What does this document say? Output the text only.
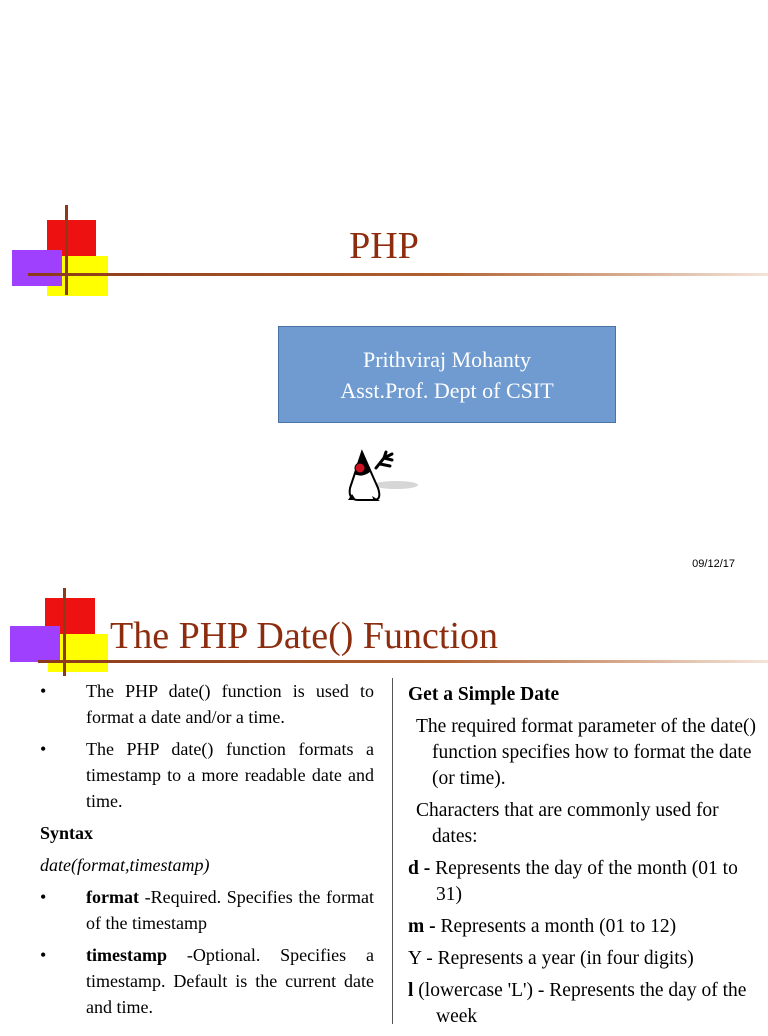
PHP
Prithviraj Mohanty
Asst.Prof. Dept of CSIT
09/12/17
The PHP Date() Function
• The PHP date() function is used to format a date and/or a time.
• The PHP date() function formats a timestamp to a more readable date and time.
Syntax
date(format,timestamp)
• format -Required. Specifies the format of the timestamp
• timestamp -Optional. Specifies a timestamp. Default is the current date and time.
Get a Simple Date
The required format parameter of the date() function specifies how to format the date (or time).
Characters that are commonly used for dates:
d - Represents the day of the month (01 to 31)
m - Represents a month (01 to 12)
Y - Represents a year (in four digits)
l (lowercase 'L') - Represents the day of the week
